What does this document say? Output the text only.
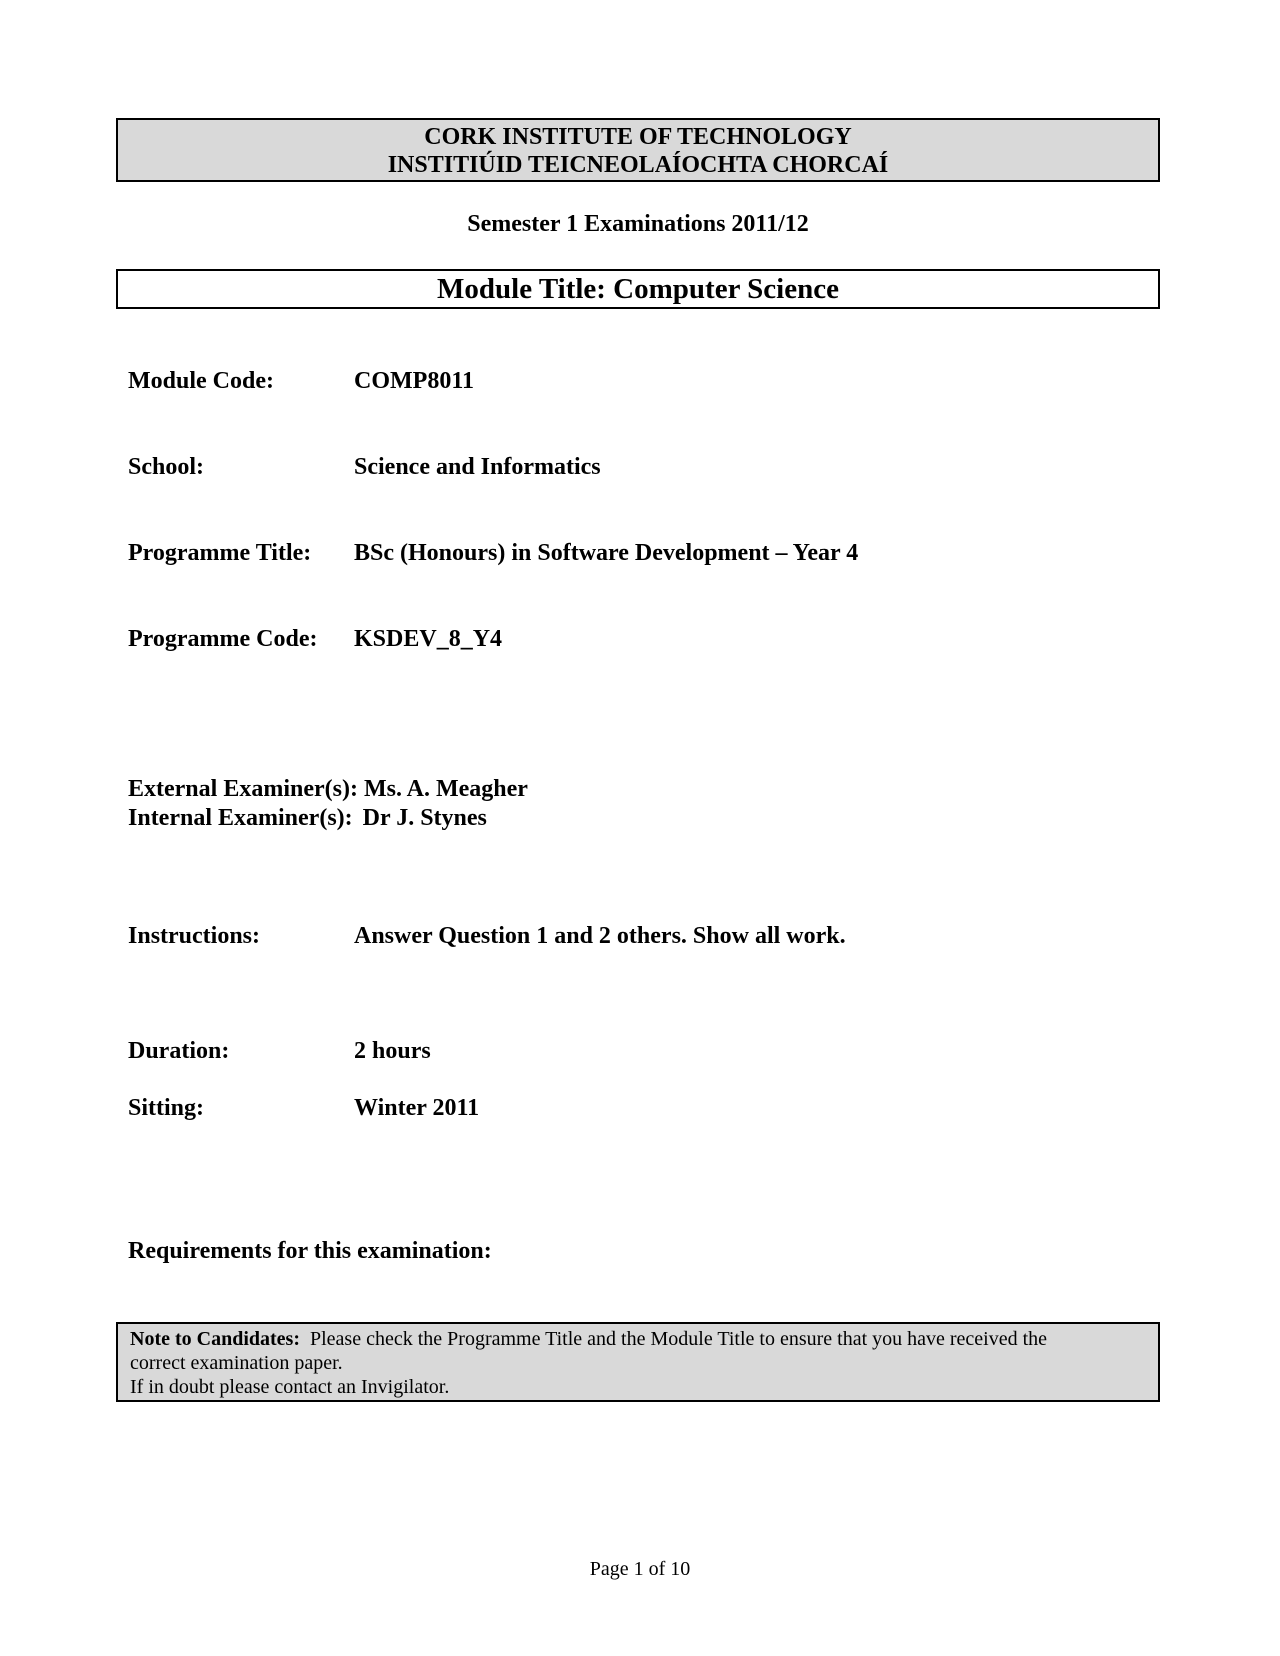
CORK INSTITUTE OF TECHNOLOGY
INSTITIÚID TEICNEOLAÍOCHTA CHORCAÍ
Semester 1 Examinations 2011/12
Module Title: Computer Science
Module Code:	COMP8011
School:	Science and Informatics
Programme Title: BSc (Honours) in Software Development – Year 4
Programme Code: KSDEV_8_Y4
External Examiner(s): Ms. A. Meagher
Internal Examiner(s): Dr J. Stynes
Instructions:	Answer Question 1 and 2 others. Show all work.
Duration:	2 hours
Sitting:	Winter 2011
Requirements for this examination:
Note to Candidates: Please check the Programme Title and the Module Title to ensure that you have received the
correct examination paper.
If in doubt please contact an Invigilator.
Page 1 of 10
